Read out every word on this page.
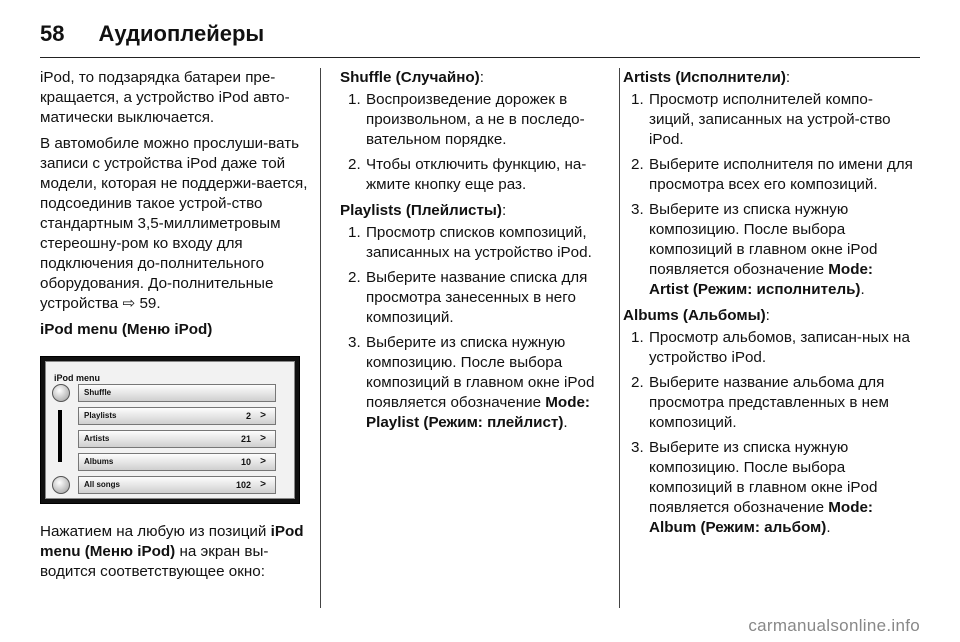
58 Аудиоплейеры

iPod, то подзарядка батареи пре-кращается, а устройство iPod авто-матически выключается.

В автомобиле можно прослуши-вать записи с устройства iPod даже той модели, которая не поддержи-вается, подсоединив такое устрой-ство стандартным 3,5-миллиметровым стереошну-ром ко входу для подключения до-полнительного оборудования. До-полнительные устройства ⇨ 59.

iPod menu (Меню iPod)

iPod menu
Shuffle
Playlists	2 >
Artists	21 >
Albums	10 >
All songs	102 >

Нажатием на любую из позиций iPod menu (Меню iPod) на экран вы-водится соответствующее окно:

Shuffle (Случайно):

1. Воспроизведение дорожек в произвольном, а не в последо-вательном порядке.
2. Чтобы отключить функцию, на-жмите кнопку еще раз.

Playlists (Плейлисты):

1. Просмотр списков композиций, записанных на устройство iPod.
2. Выберите название списка для просмотра занесенных в него композиций.
3. Выберите из списка нужную композицию. После выбора композиций в главном окне iPod появляется обозначение Mode: Playlist (Режим: плейлист).

Artists (Исполнители):

1. Просмотр исполнителей компо-зиций, записанных на устрой-ство iPod.
2. Выберите исполнителя по имени для просмотра всех его композиций.
3. Выберите из списка нужную композицию. После выбора композиций в главном окне iPod появляется обозначение Mode: Artist (Режим: исполнитель).

Albums (Альбомы):

1. Просмотр альбомов, записан-ных на устройство iPod.
2. Выберите название альбома для просмотра представленных в нем композиций.
3. Выберите из списка нужную композицию. После выбора композиций в главном окне iPod появляется обозначение Mode: Album (Режим: альбом).
carmanualsonline.info
